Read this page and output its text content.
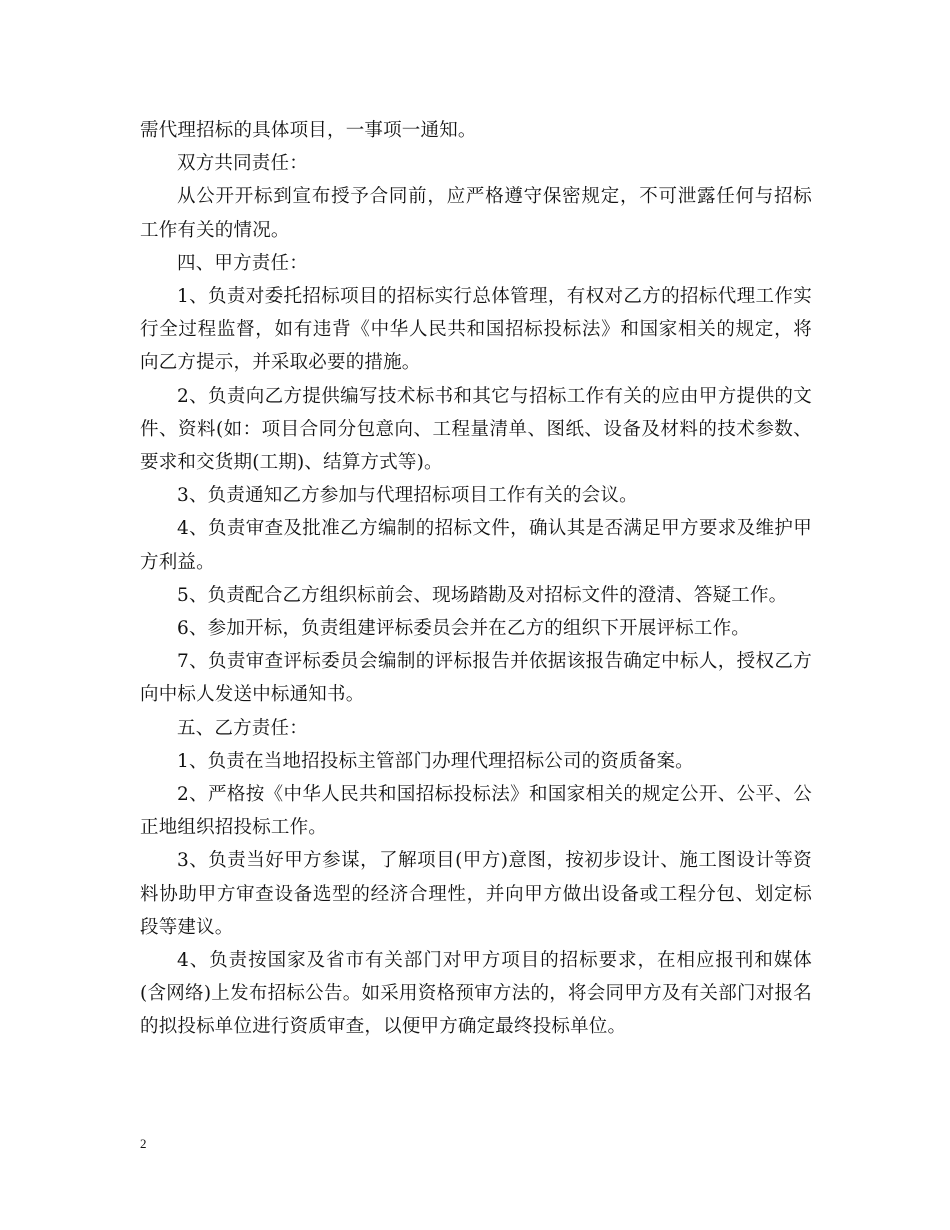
需代理招标的具体项目，一事项一通知。

双方共同责任：

从公开开标到宣布授予合同前，应严格遵守保密规定，不可泄露任何与招标工作有关的情况。

四、甲方责任：

1、负责对委托招标项目的招标实行总体管理，有权对乙方的招标代理工作实行全过程监督，如有违背《中华人民共和国招标投标法》和国家相关的规定，将向乙方提示，并采取必要的措施。

2、负责向乙方提供编写技术标书和其它与招标工作有关的应由甲方提供的文件、资料(如：项目合同分包意向、工程量清单、图纸、设备及材料的技术参数、要求和交货期(工期)、结算方式等)。

3、负责通知乙方参加与代理招标项目工作有关的会议。

4、负责审查及批准乙方编制的招标文件，确认其是否满足甲方要求及维护甲方利益。

5、负责配合乙方组织标前会、现场踏勘及对招标文件的澄清、答疑工作。

6、参加开标，负责组建评标委员会并在乙方的组织下开展评标工作。

7、负责审查评标委员会编制的评标报告并依据该报告确定中标人，授权乙方向中标人发送中标通知书。

五、乙方责任：

1、负责在当地招投标主管部门办理代理招标公司的资质备案。

2、严格按《中华人民共和国招标投标法》和国家相关的规定公开、公平、公正地组织招投标工作。

3、负责当好甲方参谋，了解项目(甲方)意图，按初步设计、施工图设计等资料协助甲方审查设备选型的经济合理性，并向甲方做出设备或工程分包、划定标段等建议。

4、负责按国家及省市有关部门对甲方项目的招标要求，在相应报刊和媒体(含网络)上发布招标公告。如采用资格预审方法的，将会同甲方及有关部门对报名的拟投标单位进行资质审查，以便甲方确定最终投标单位。

2
